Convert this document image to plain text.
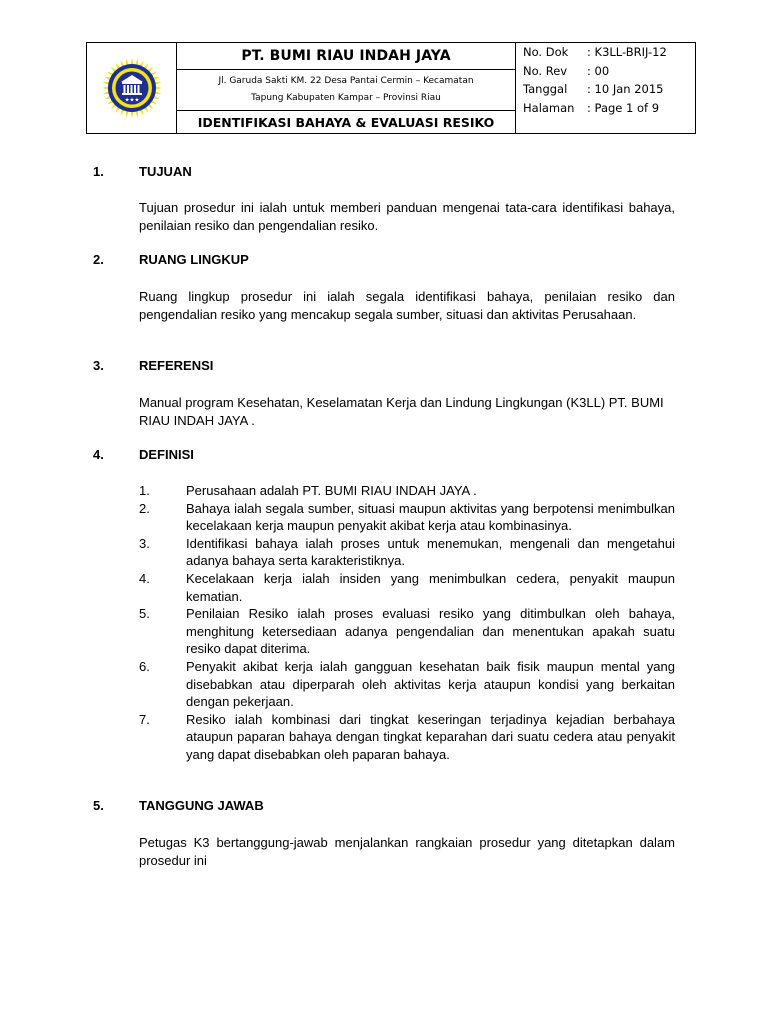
★★★
PT. BUMI RIAU INDAH JAYA
Jl. Garuda Sakti KM. 22 Desa Pantai Cermin – Kecamatan
Tapung Kabupaten Kampar – Provinsi Riau
IDENTIFIKASI BAHAYA & EVALUASI RESIKO
No. Dok	: K3LL-BRIJ-12
No. Rev	: 00
Tanggal	: 10 Jan 2015
Halaman	: Page 1 of 9
1.	TUJUAN
Tujuan prosedur ini ialah untuk memberi panduan mengenai tata-cara identifikasi bahaya, penilaian resiko dan pengendalian resiko.
2.	RUANG LINGKUP
Ruang lingkup prosedur ini ialah segala identifikasi bahaya, penilaian resiko dan pengendalian resiko yang mencakup segala sumber, situasi dan aktivitas Perusahaan.
3.	REFERENSI
Manual program Kesehatan, Keselamatan Kerja dan Lindung Lingkungan (K3LL) PT. BUMI RIAU INDAH JAYA .
4.	DEFINISI
1.	Perusahaan adalah PT. BUMI RIAU INDAH JAYA .
2.	Bahaya ialah segala sumber, situasi maupun aktivitas yang berpotensi menimbulkan kecelakaan kerja maupun penyakit akibat kerja atau kombinasinya.
3.	Identifikasi bahaya ialah proses untuk menemukan, mengenali dan mengetahui adanya bahaya serta karakteristiknya.
4.	Kecelakaan kerja ialah insiden yang menimbulkan cedera, penyakit maupun kematian.
5.	Penilaian Resiko ialah proses evaluasi resiko yang ditimbulkan oleh bahaya, menghitung ketersediaan adanya pengendalian dan menentukan apakah suatu resiko dapat diterima.
6.	Penyakit akibat kerja ialah gangguan kesehatan baik fisik maupun mental yang disebabkan atau diperparah oleh aktivitas kerja ataupun kondisi yang berkaitan dengan pekerjaan.
7.	Resiko ialah kombinasi dari tingkat keseringan terjadinya kejadian berbahaya ataupun paparan bahaya dengan tingkat keparahan dari suatu cedera atau penyakit yang dapat disebabkan oleh paparan bahaya.
5.	TANGGUNG JAWAB
Petugas K3 bertanggung-jawab menjalankan rangkaian prosedur yang ditetapkan dalam prosedur ini
